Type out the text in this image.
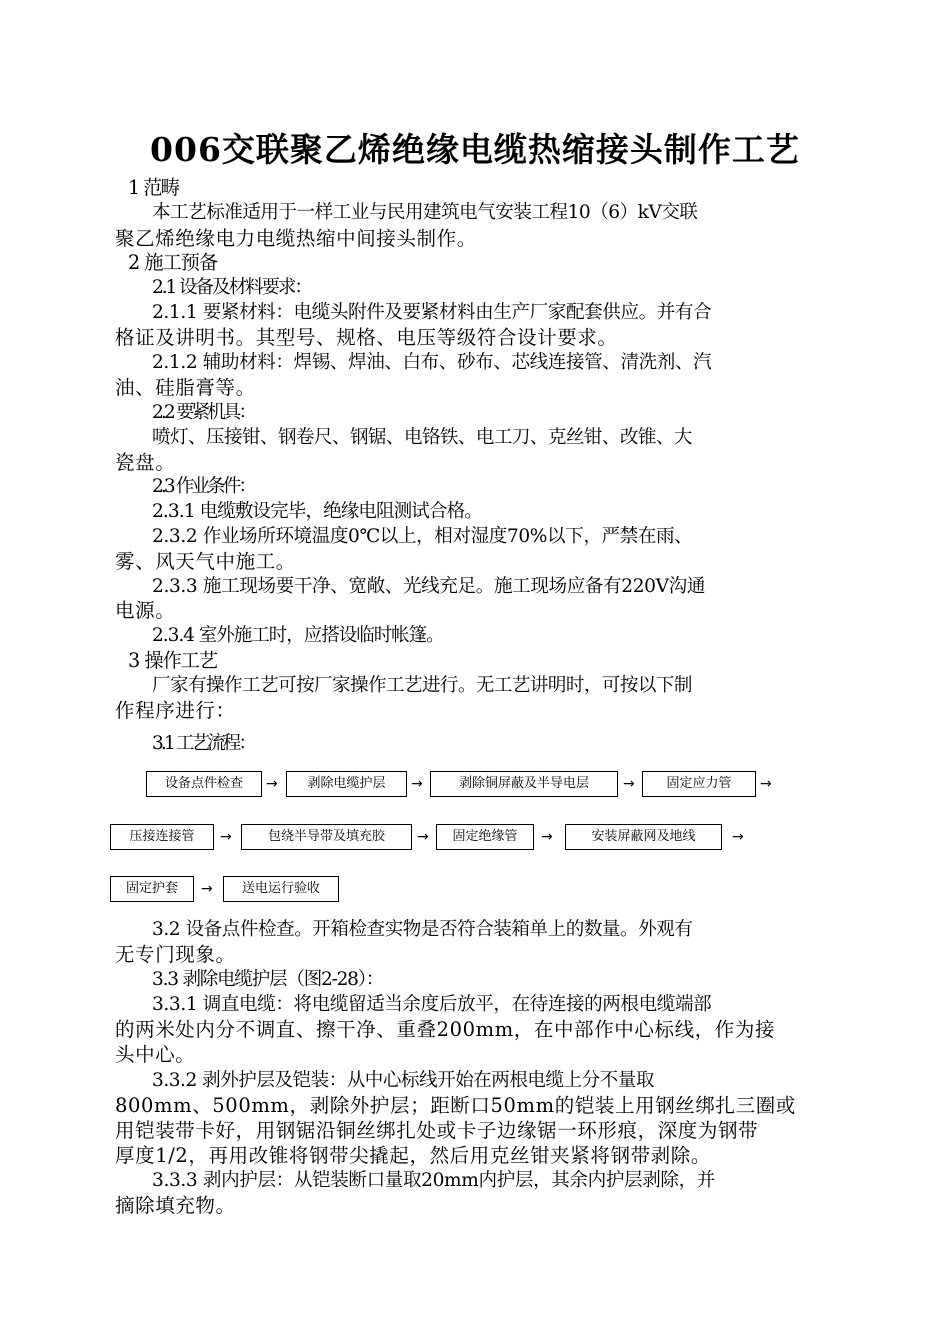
006交联聚乙烯绝缘电缆热缩接头制作工艺

1 范畴

本工艺标准适用于一样工业与民用建筑电气安装工程10（6）kV交联

聚乙烯绝缘电力电缆热缩中间接头制作。

2 施工预备

2.1 设备及材料要求：

2.1.1 要紧材料：电缆头附件及要紧材料由生产厂家配套供应。并有合

格证及讲明书。其型号、规格、电压等级符合设计要求。

2.1.2 辅助材料：焊锡、焊油、白布、砂布、芯线连接管、清洗剂、汽

油、硅脂膏等。

2.2 要紧机具：

喷灯、压接钳、钢卷尺、钢锯、电铬铁、电工刀、克丝钳、改锥、大

瓷盘。

2.3 作业条件：

2.3.1 电缆敷设完毕，绝缘电阻测试合格。

2.3.2 作业场所环境温度0℃以上，相对湿度70%以下，严禁在雨、

雾、风天气中施工。

2.3.3 施工现场要干净、宽敞、光线充足。施工现场应备有220V沟通

电源。

2.3.4 室外施工时，应搭设临时帐篷。

3 操作工艺

厂家有操作工艺可按厂家操作工艺进行。无工艺讲明时，可按以下制

作程序进行：

3.1 工艺流程：

设备点件检查	→	剥除电缆护层	→	剥除铜屏蔽及半导电层	→	固定应力管	→
压接连接管	→	包绕半导带及填充胶	→	固定绝缘管	→	安装屏蔽网及地线	→
固定护套	→	送电运行验收

3.2 设备点件检查。开箱检查实物是否符合装箱单上的数量。外观有

无专门现象。

3.3 剥除电缆护层（图2-28）：

3.3.1 调直电缆：将电缆留适当余度后放平，在待连接的两根电缆端部

的两米处内分不调直、擦干净、重叠200mm，在中部作中心标线，作为接

头中心。

3.3.2 剥外护层及铠装：从中心标线开始在两根电缆上分不量取

800mm、500mm，剥除外护层；距断口50mm的铠装上用钢丝绑扎三圈或

用铠装带卡好，用钢锯沿铜丝绑扎处或卡子边缘锯一环形痕，深度为钢带

厚度1/2，再用改锥将钢带尖撬起，然后用克丝钳夹紧将钢带剥除。

3.3.3 剥内护层：从铠装断口量取20mm内护层，其余内护层剥除，并

摘除填充物。
